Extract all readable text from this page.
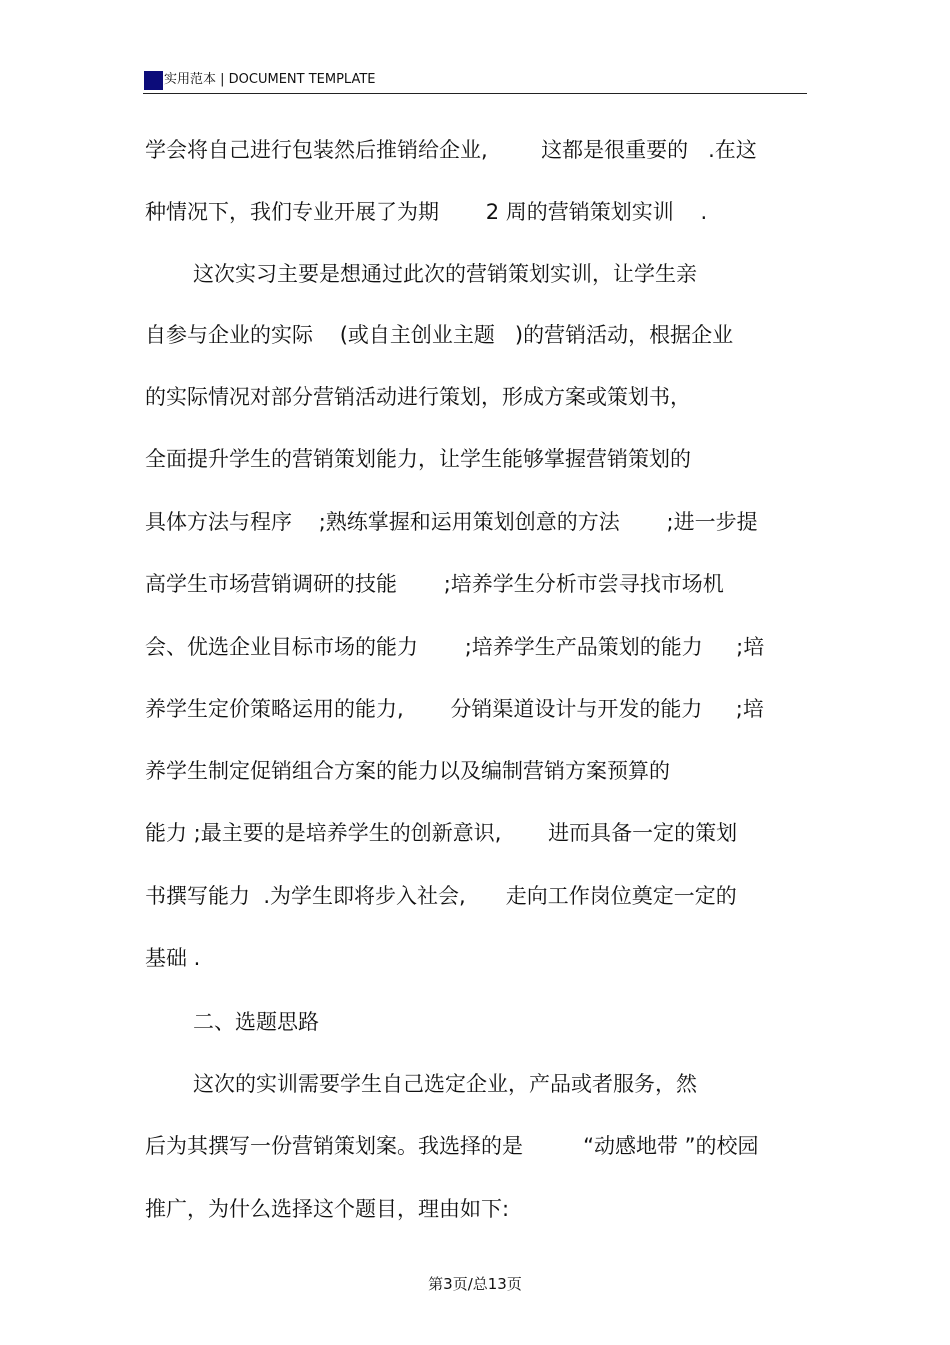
实用范本 | DOCUMENT TEMPLATE
学会将自己进行包装然后推销给企业,        这都是很重要的   .在这
种情况下，我们专业开展了为期       2 周的营销策划实训    .
这次实习主要是想通过此次的营销策划实训，让学生亲
自参与企业的实际    (或自主创业主题   )的营销活动，根据企业
的实际情况对部分营销活动进行策划，形成方案或策划书，
全面提升学生的营销策划能力，让学生能够掌握营销策划的
具体方法与程序    ;熟练掌握和运用策划创意的方法       ;进一步提
高学生市场营销调研的技能       ;培养学生分析市尝寻找市场机
会、优选企业目标市场的能力       ;培养学生产品策划的能力     ;培
养学生定价策略运用的能力,       分销渠道设计与开发的能力     ;培
养学生制定促销组合方案的能力以及编制营销方案预算的
能力 ;最主要的是培养学生的创新意识,       进而具备一定的策划
书撰写能力  .为学生即将步入社会,      走向工作岗位奠定一定的
基础 .
二、选题思路
这次的实训需要学生自己选定企业，产品或者服务，然
后为其撰写一份营销策划案。我选择的是         “动感地带 ”的校园
推广，为什么选择这个题目，理由如下:
第3页/总13页
